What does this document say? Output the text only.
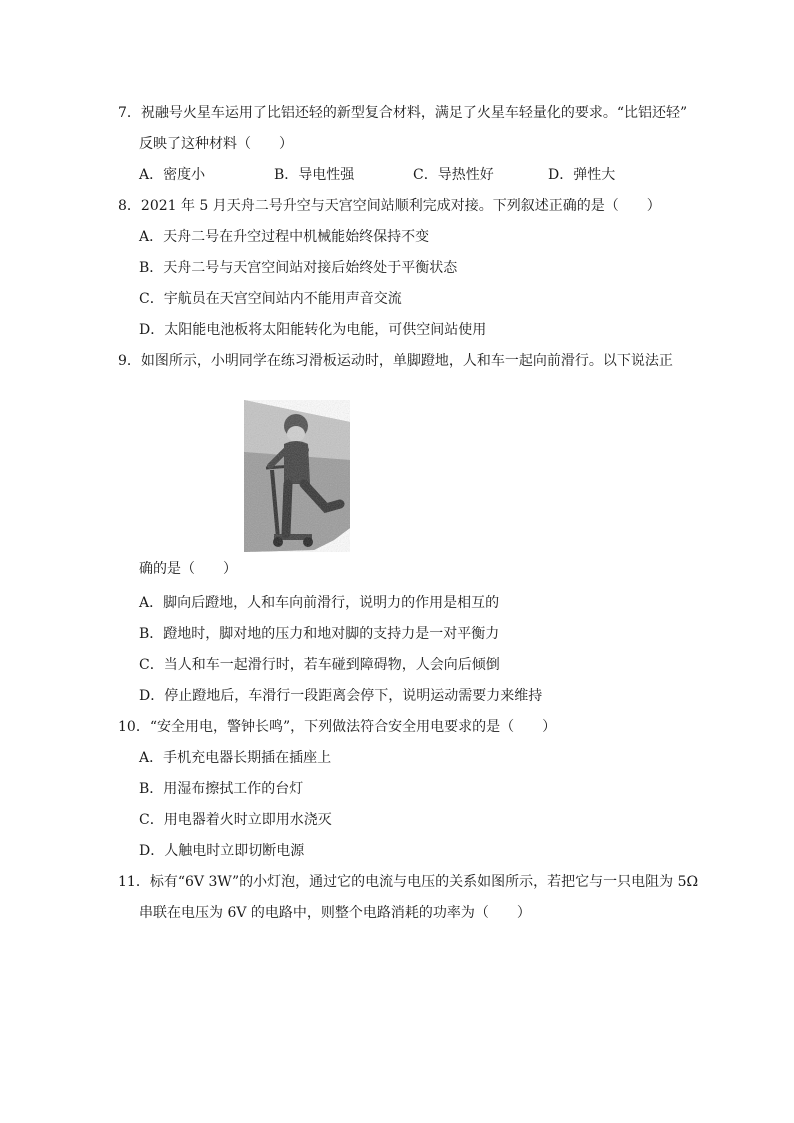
7．祝融号火星车运用了比铝还轻的新型复合材料，满足了火星车轻量化的要求。“比铝还轻”
反映了这种材料（　　）
A．密度小	B．导电性强	C．导热性好	D．弹性大
8．2021 年 5 月天舟二号升空与天宫空间站顺利完成对接。下列叙述正确的是（　　）
A．天舟二号在升空过程中机械能始终保持不变
B．天舟二号与天宫空间站对接后始终处于平衡状态
C．宇航员在天宫空间站内不能用声音交流
D．太阳能电池板将太阳能转化为电能，可供空间站使用
9．如图所示，小明同学在练习滑板运动时，单脚蹬地，人和车一起向前滑行。以下说法正
确的是（　　）
A．脚向后蹬地，人和车向前滑行，说明力的作用是相互的
B．蹬地时，脚对地的压力和地对脚的支持力是一对平衡力
C．当人和车一起滑行时，若车碰到障碍物，人会向后倾倒
D．停止蹬地后，车滑行一段距离会停下，说明运动需要力来维持
10．“安全用电，警钟长鸣”，下列做法符合安全用电要求的是（　　）
A．手机充电器长期插在插座上
B．用湿布擦拭工作的台灯
C．用电器着火时立即用水浇灭
D．人触电时立即切断电源
11．标有“6V 3W”的小灯泡，通过它的电流与电压的关系如图所示，若把它与一只电阻为 5Ω
串联在电压为 6V 的电路中，则整个电路消耗的功率为（　　）
